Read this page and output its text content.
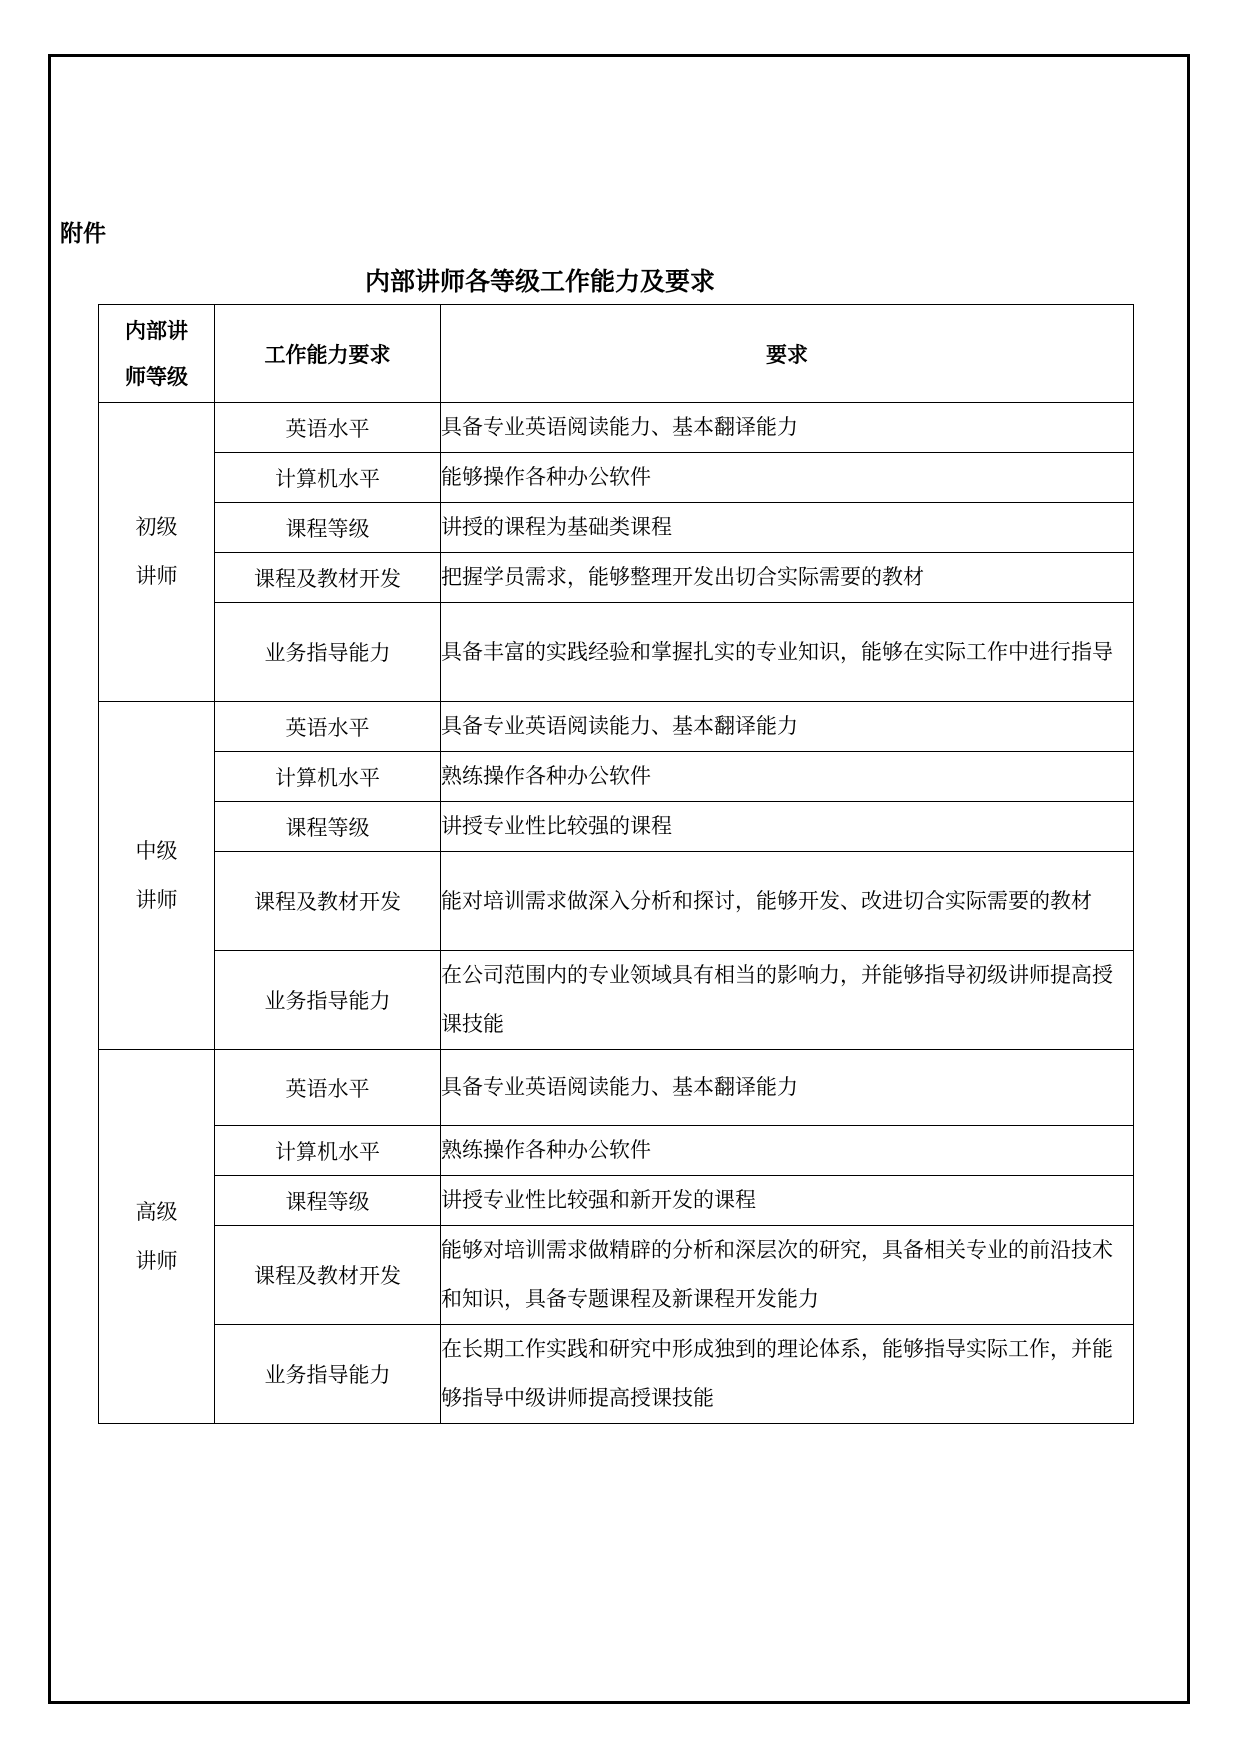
附件
内部讲师各等级工作能力及要求
内部讲
师等级	工作能力要求	要求

初级
讲师	英语水平	具备专业英语阅读能力、基本翻译能力
	计算机水平	能够操作各种办公软件
	课程等级	讲授的课程为基础类课程
	课程及教材开发	把握学员需求，能够整理开发出切合实际需要的教材
	业务指导能力	具备丰富的实践经验和掌握扎实的专业知识，能够在实际工作中进行指导

中级
讲师	英语水平	具备专业英语阅读能力、基本翻译能力
	计算机水平	熟练操作各种办公软件
	课程等级	讲授专业性比较强的课程
	课程及教材开发	能对培训需求做深入分析和探讨，能够开发、改进切合实际需要的教材
	业务指导能力	在公司范围内的专业领域具有相当的影响力，并能够指导初级讲师提高授课技能

高级
讲师	英语水平	具备专业英语阅读能力、基本翻译能力
	计算机水平	熟练操作各种办公软件
	课程等级	讲授专业性比较强和新开发的课程
	课程及教材开发	能够对培训需求做精辟的分析和深层次的研究，具备相关专业的前沿技术和知识，具备专题课程及新课程开发能力
	业务指导能力	在长期工作实践和研究中形成独到的理论体系，能够指导实际工作，并能够指导中级讲师提高授课技能
